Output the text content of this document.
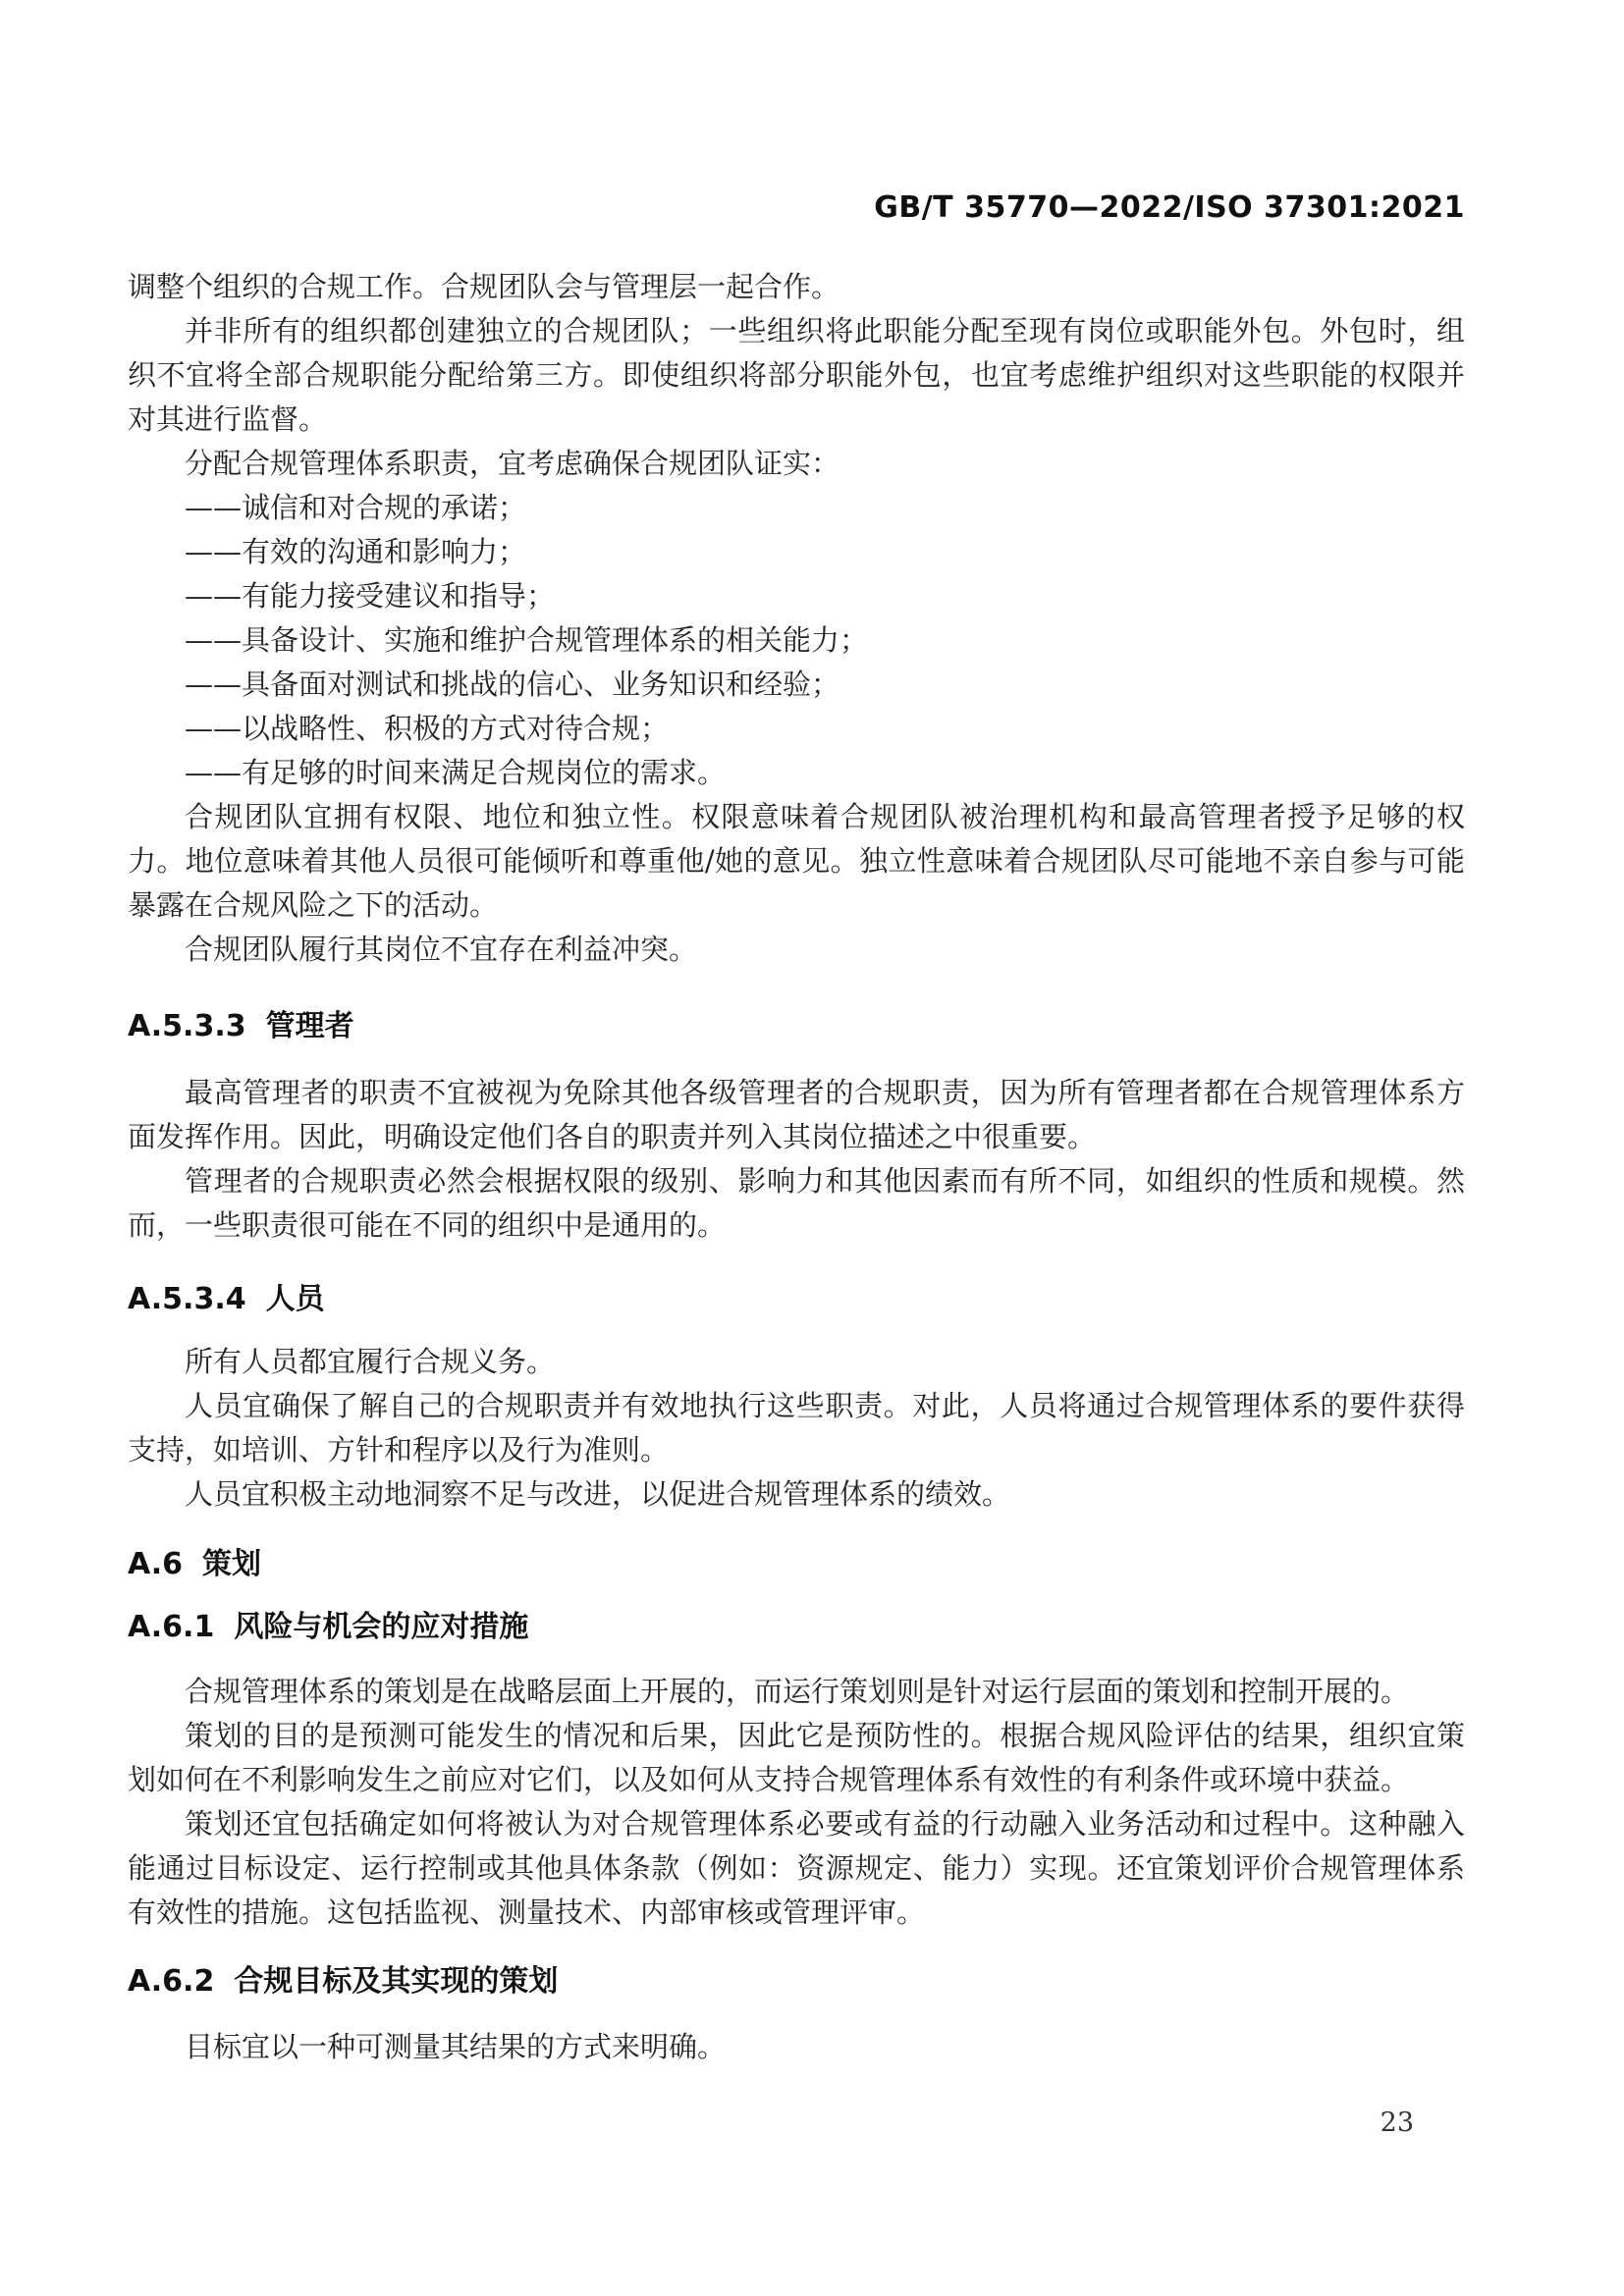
GB/T 35770—2022/ISO 37301:2021

调整个组织的合规工作。合规团队会与管理层一起合作。

并非所有的组织都创建独立的合规团队；一些组织将此职能分配至现有岗位或职能外包。外包时，组织不宜将全部合规职能分配给第三方。即使组织将部分职能外包，也宜考虑维护组织对这些职能的权限并对其进行监督。

分配合规管理体系职责，宜考虑确保合规团队证实：

——诚信和对合规的承诺；

——有效的沟通和影响力；

——有能力接受建议和指导；

——具备设计、实施和维护合规管理体系的相关能力；

——具备面对测试和挑战的信心、业务知识和经验；

——以战略性、积极的方式对待合规；

——有足够的时间来满足合规岗位的需求。

合规团队宜拥有权限、地位和独立性。权限意味着合规团队被治理机构和最高管理者授予足够的权力。地位意味着其他人员很可能倾听和尊重他/她的意见。独立性意味着合规团队尽可能地不亲自参与可能暴露在合规风险之下的活动。

合规团队履行其岗位不宜存在利益冲突。

A.5.3.3 管理者

最高管理者的职责不宜被视为免除其他各级管理者的合规职责，因为所有管理者都在合规管理体系方面发挥作用。因此，明确设定他们各自的职责并列入其岗位描述之中很重要。

管理者的合规职责必然会根据权限的级别、影响力和其他因素而有所不同，如组织的性质和规模。然而，一些职责很可能在不同的组织中是通用的。

A.5.3.4 人员

所有人员都宜履行合规义务。

人员宜确保了解自己的合规职责并有效地执行这些职责。对此，人员将通过合规管理体系的要件获得支持，如培训、方针和程序以及行为准则。

人员宜积极主动地洞察不足与改进，以促进合规管理体系的绩效。

A.6 策划

A.6.1 风险与机会的应对措施

合规管理体系的策划是在战略层面上开展的，而运行策划则是针对运行层面的策划和控制开展的。

策划的目的是预测可能发生的情况和后果，因此它是预防性的。根据合规风险评估的结果，组织宜策划如何在不利影响发生之前应对它们，以及如何从支持合规管理体系有效性的有利条件或环境中获益。

策划还宜包括确定如何将被认为对合规管理体系必要或有益的行动融入业务活动和过程中。这种融入能通过目标设定、运行控制或其他具体条款（例如：资源规定、能力）实现。还宜策划评价合规管理体系有效性的措施。这包括监视、测量技术、内部审核或管理评审。

A.6.2 合规目标及其实现的策划

目标宜以一种可测量其结果的方式来明确。

23
